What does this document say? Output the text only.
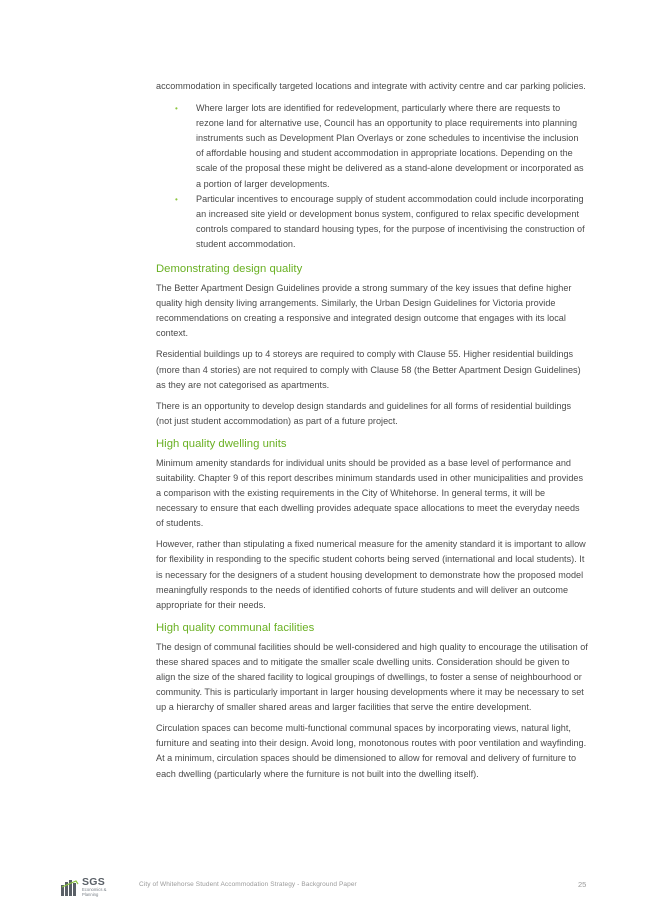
accommodation in specifically targeted locations and integrate with activity centre and car parking policies.

• Where larger lots are identified for redevelopment, particularly where there are requests to rezone land for alternative use, Council has an opportunity to place requirements into planning instruments such as Development Plan Overlays or zone schedules to incentivise the inclusion of affordable housing and student accommodation in appropriate locations. Depending on the scale of the proposal these might be delivered as a stand-alone development or incorporated as a portion of larger developments.
• Particular incentives to encourage supply of student accommodation could include incorporating an increased site yield or development bonus system, configured to relax specific development controls compared to standard housing types, for the purpose of incentivising the construction of student accommodation.
Demonstrating design quality

The Better Apartment Design Guidelines provide a strong summary of the key issues that define higher quality high density living arrangements. Similarly, the Urban Design Guidelines for Victoria provide recommendations on creating a responsive and integrated design outcome that engages with its local context.

Residential buildings up to 4 storeys are required to comply with Clause 55. Higher residential buildings (more than 4 stories) are not required to comply with Clause 58 (the Better Apartment Design Guidelines) as they are not categorised as apartments.

There is an opportunity to develop design standards and guidelines for all forms of residential buildings (not just student accommodation) as part of a future project.

High quality dwelling units

Minimum amenity standards for individual units should be provided as a base level of performance and suitability. Chapter 9 of this report describes minimum standards used in other municipalities and provides a comparison with the existing requirements in the City of Whitehorse. In general terms, it will be necessary to ensure that each dwelling provides adequate space allocations to meet the everyday needs of students.

However, rather than stipulating a fixed numerical measure for the amenity standard it is important to allow for flexibility in responding to the specific student cohorts being served (international and local students). It is necessary for the designers of a student housing development to demonstrate how the proposed model meaningfully responds to the needs of identified cohorts of future students and will deliver an outcome appropriate for their needs.

High quality communal facilities

The design of communal facilities should be well-considered and high quality to encourage the utilisation of these shared spaces and to mitigate the smaller scale dwelling units. Consideration should be given to align the size of the shared facility to logical groupings of dwellings, to foster a sense of neighbourhood or community. This is particularly important in larger housing developments where it may be necessary to set up a hierarchy of smaller shared areas and larger facilities that serve the entire development.

Circulation spaces can become multi-functional communal spaces by incorporating views, natural light, furniture and seating into their design. Avoid long, monotonous routes with poor ventilation and wayfinding. At a minimum, circulation spaces should be dimensioned to allow for removal and delivery of furniture to each dwelling (particularly where the furniture is not built into the dwelling itself).

SGS
Economics & Planning
City of Whitehorse Student Accommodation Strategy - Background Paper	25
